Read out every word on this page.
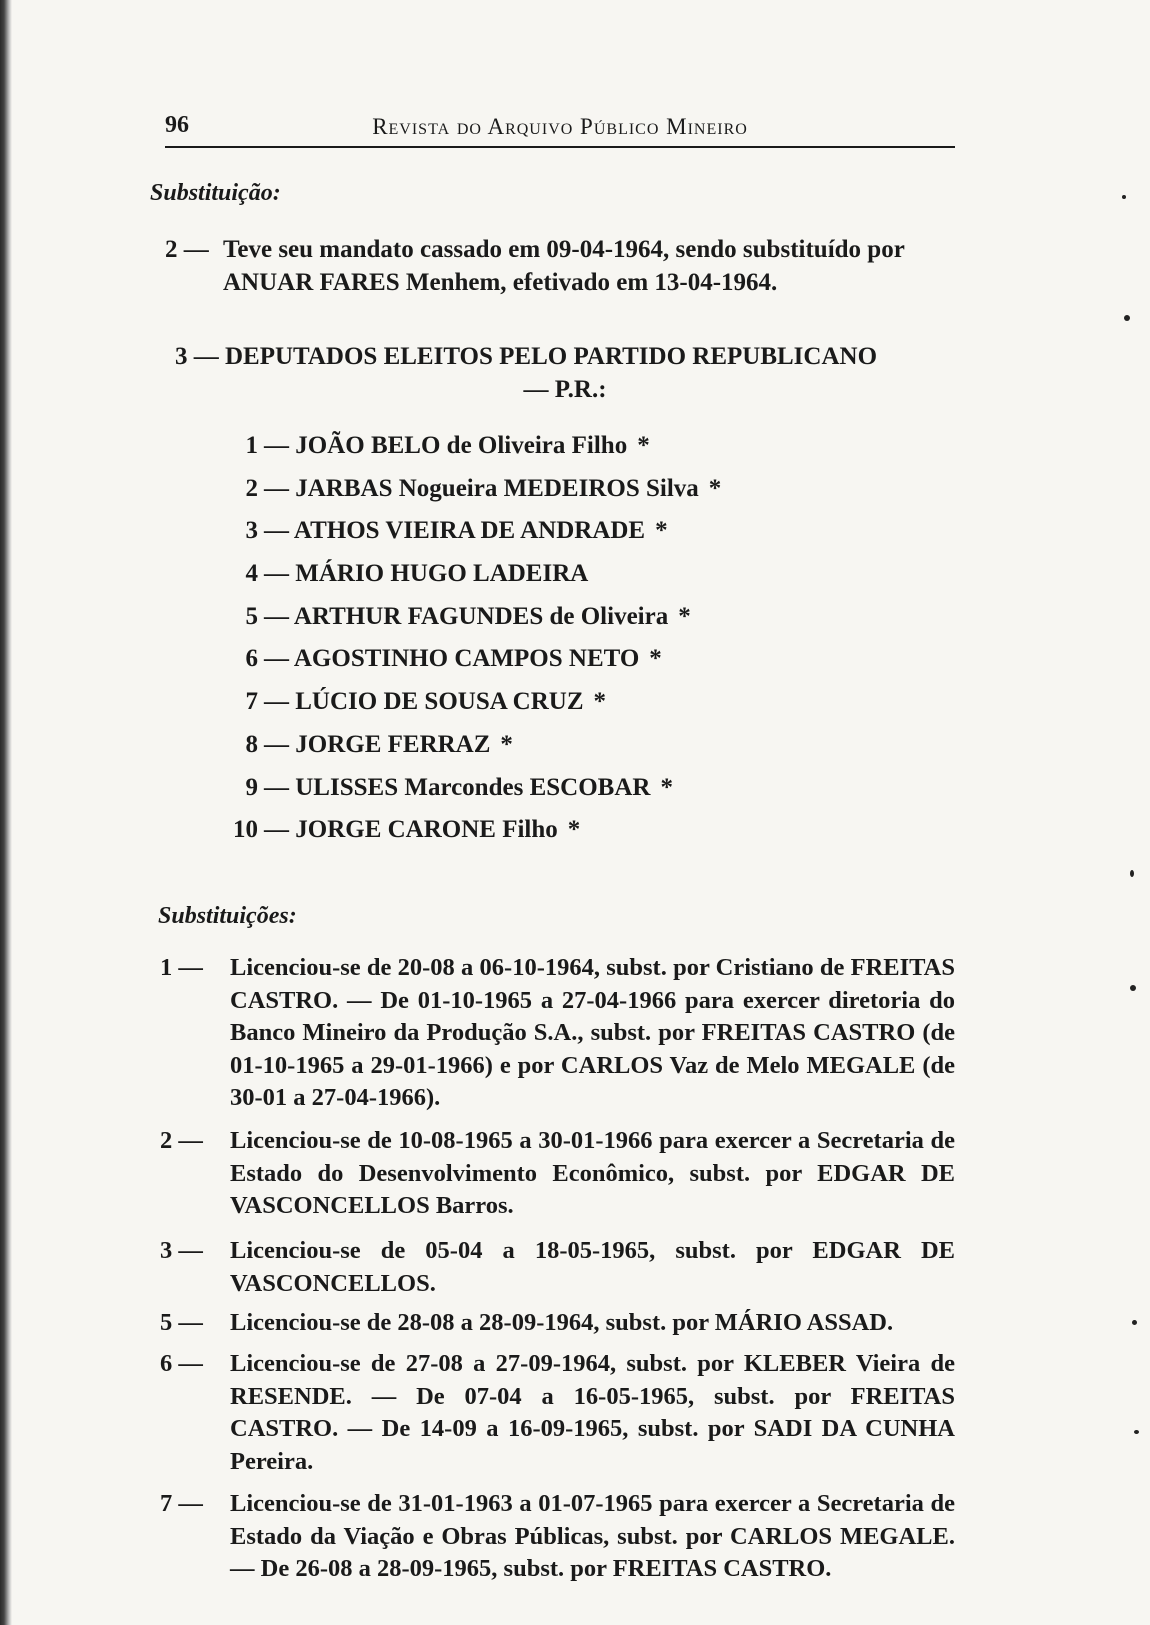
96	Revista do Arquivo Público Mineiro
Substituição:
2 — Teve seu mandato cassado em 09-04-1964, sendo substituído por ANUAR FARES Menhem, efetivado em 13-04-1964.
3 — DEPUTADOS ELEITOS PELO PARTIDO REPUBLICANO
— P.R.:
1 — JOÃO BELO de Oliveira Filho *
2 — JARBAS Nogueira MEDEIROS Silva *
3 — ATHOS VIEIRA DE ANDRADE *
4 — MÁRIO HUGO LADEIRA
5 — ARTHUR FAGUNDES de Oliveira *
6 — AGOSTINHO CAMPOS NETO *
7 — LÚCIO DE SOUSA CRUZ *
8 — JORGE FERRAZ *
9 — ULISSES Marcondes ESCOBAR *
10 — JORGE CARONE Filho *
Substituições:
1 — Licenciou-se de 20-08 a 06-10-1964, subst. por Cristiano de FREITAS CASTRO. — De 01-10-1965 a 27-04-1966 para exercer diretoria do Banco Mineiro da Produção S.A., subst. por FREITAS CASTRO (de 01-10-1965 a 29-01-1966) e por CARLOS Vaz de Melo MEGALE (de 30-01 a 27-04-1966).
2 — Licenciou-se de 10-08-1965 a 30-01-1966 para exercer a Secretaria de Estado do Desenvolvimento Econômico, subst. por EDGAR DE VASCONCELLOS Barros.
3 — Licenciou-se de 05-04 a 18-05-1965, subst. por EDGAR DE VASCONCELLOS.
5 — Licenciou-se de 28-08 a 28-09-1964, subst. por MÁRIO ASSAD.
6 — Licenciou-se de 27-08 a 27-09-1964, subst. por KLEBER Vieira de RESENDE. — De 07-04 a 16-05-1965, subst. por FREITAS CASTRO. — De 14-09 a 16-09-1965, subst. por SADI DA CUNHA Pereira.
7 — Licenciou-se de 31-01-1963 a 01-07-1965 para exercer a Secretaria de Estado da Viação e Obras Públicas, subst. por CARLOS MEGALE. — De 26-08 a 28-09-1965, subst. por FREITAS CASTRO.
